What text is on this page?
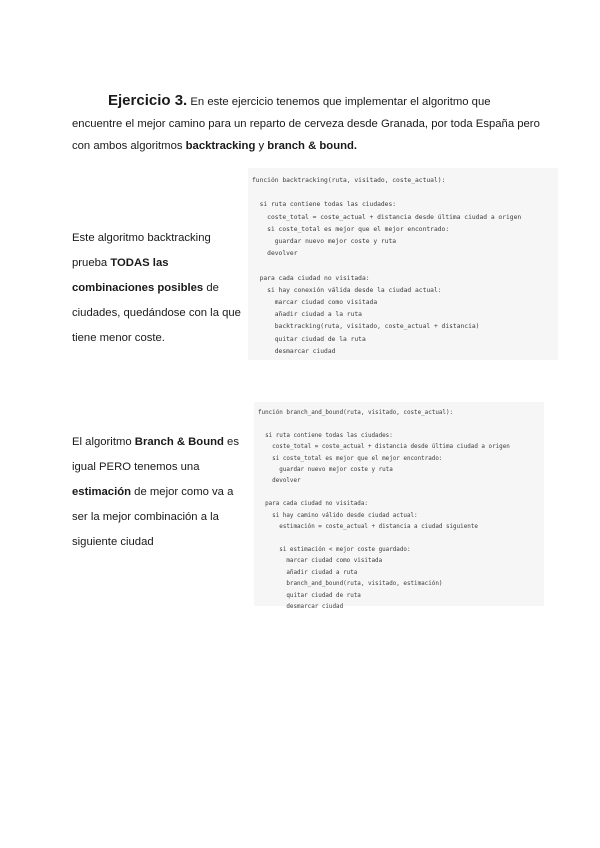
Ejercicio 3. En este ejercicio tenemos que implementar el algoritmo que encuentre el mejor camino para un reparto de cerveza desde Granada, por toda España pero con ambos algoritmos backtracking y branch & bound.
Este algoritmo backtracking prueba TODAS las combinaciones posibles de ciudades, quedándose con la que tiene menor coste.
función backtracking(ruta, visitado, coste_actual):

si ruta contiene todas las ciudades:
coste_total = coste_actual + distancia desde última ciudad a origen
si coste_total es mejor que el mejor encontrado:
guardar nuevo mejor coste y ruta
devolver

para cada ciudad no visitada:
si hay conexión válida desde la ciudad actual:
marcar ciudad como visitada
añadir ciudad a la ruta
backtracking(ruta, visitado, coste_actual + distancia)
quitar ciudad de la ruta
desmarcar ciudad
El algoritmo Branch & Bound es igual PERO tenemos una estimación de mejor como va a ser la mejor combinación a la siguiente ciudad
función branch_and_bound(ruta, visitado, coste_actual):

si ruta contiene todas las ciudades:
coste_total = coste_actual + distancia desde última ciudad a origen
si coste_total es mejor que el mejor encontrado:
guardar nuevo mejor coste y ruta
devolver

para cada ciudad no visitada:
si hay camino válido desde ciudad actual:
estimación = coste_actual + distancia a ciudad siguiente

si estimación < mejor coste guardado:
marcar ciudad como visitada
añadir ciudad a ruta
branch_and_bound(ruta, visitado, estimación)
quitar ciudad de ruta
desmarcar ciudad
